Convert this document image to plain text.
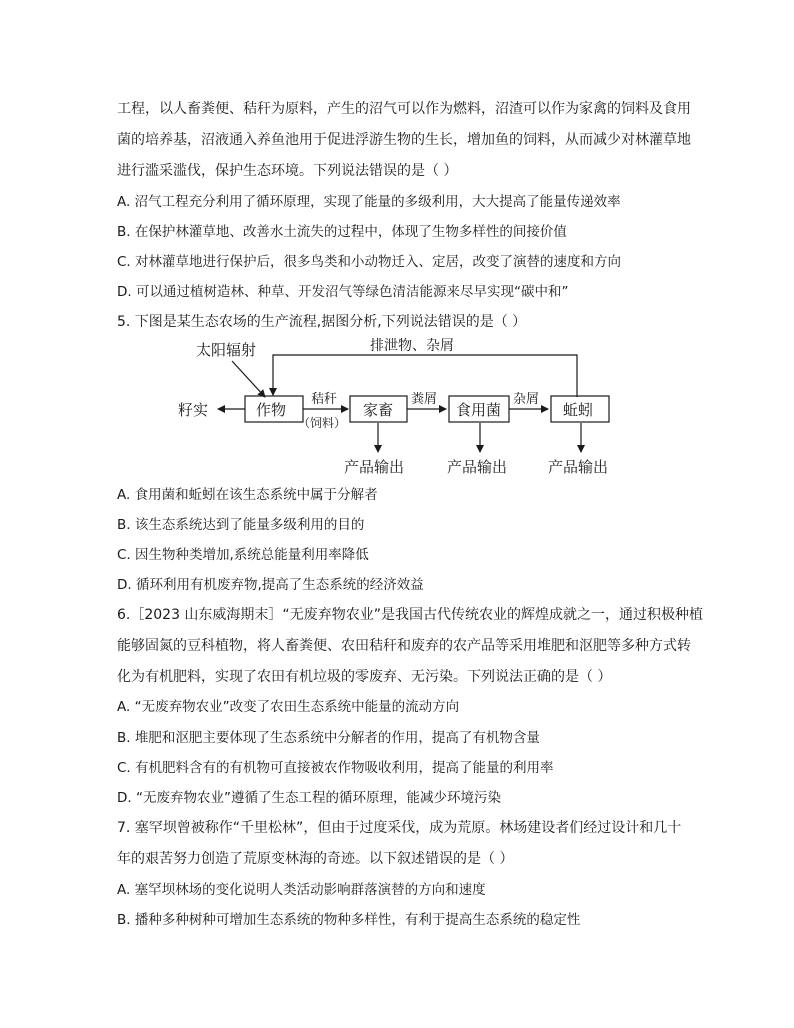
工程，以人畜粪便、秸秆为原料，产生的沼气可以作为燃料，沼渣可以作为家禽的饲料及食用
菌的培养基，沼液通入养鱼池用于促进浮游生物的生长，增加鱼的饲料，从而减少对林灌草地
进行滥采滥伐，保护生态环境。下列说法错误的是（ ）
A. 沼气工程充分利用了循环原理，实现了能量的多级利用，大大提高了能量传递效率
B. 在保护林灌草地、改善水土流失的过程中，体现了生物多样性的间接价值
C. 对林灌草地进行保护后，很多鸟类和小动物迁入、定居，改变了演替的速度和方向
D. 可以通过植树造林、种草、开发沼气等绿色清洁能源来尽早实现“碳中和”
5. 下图是某生态农场的生产流程,据图分析,下列说法错误的是（ ）
太阳辐射	排泄物、杂屑
籽实	作物
秸秆
（饲料）
家畜
粪屑
食用菌
杂屑
蚯蚓
产品输出	产品输出	产品输出
A. 食用菌和蚯蚓在该生态系统中属于分解者
B. 该生态系统达到了能量多级利用的目的
C. 因生物种类增加,系统总能量利用率降低
D. 循环利用有机废弃物,提高了生态系统的经济效益
6.［2023 山东威海期末］“无废弃物农业”是我国古代传统农业的辉煌成就之一，通过积极种植
能够固氮的豆科植物，将人畜粪便、农田秸秆和废弃的农产品等采用堆肥和沤肥等多种方式转
化为有机肥料，实现了农田有机垃圾的零废弃、无污染。下列说法正确的是（ ）
A. “无废弃物农业”改变了农田生态系统中能量的流动方向
B. 堆肥和沤肥主要体现了生态系统中分解者的作用，提高了有机物含量
C. 有机肥料含有的有机物可直接被农作物吸收利用，提高了能量的利用率
D. “无废弃物农业”遵循了生态工程的循环原理，能减少环境污染
7. 塞罕坝曾被称作“千里松林”，但由于过度采伐，成为荒原。林场建设者们经过设计和几十
年的艰苦努力创造了荒原变林海的奇迹。以下叙述错误的是（ ）
A. 塞罕坝林场的变化说明人类活动影响群落演替的方向和速度
B. 播种多种树种可增加生态系统的物种多样性，有利于提高生态系统的稳定性
